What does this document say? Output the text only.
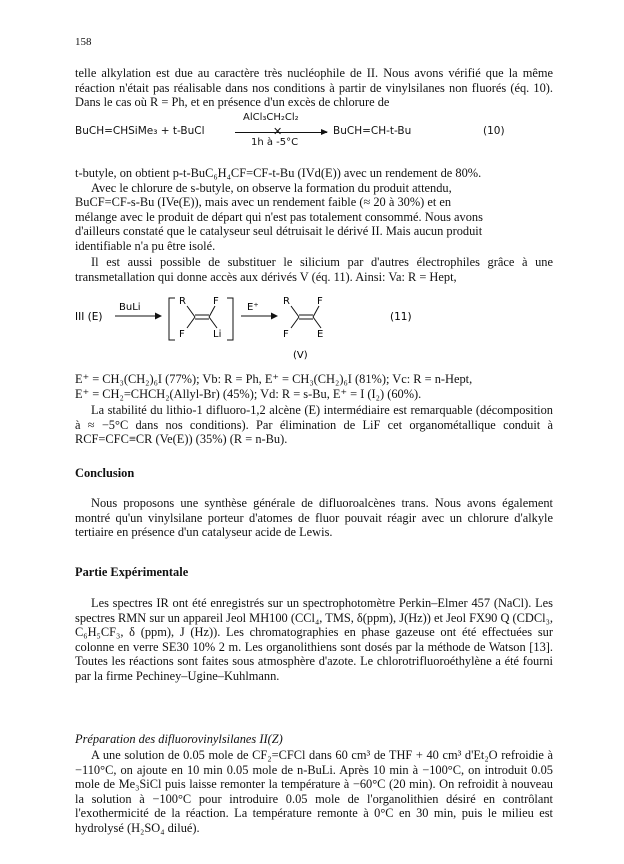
158

telle alkylation est due au caractère très nucléophile de II. Nous avons vérifié que la même réaction n'était pas réalisable dans nos conditions à partir de vinylsilanes non fluorés (éq. 10). Dans le cas où R = Ph, et en présence d'un excès de chlorure de

BuCH=CHSiMe₃ + t-BuCl
AlCl₃CH₂Cl₂
✕
1h à -5°C
BuCH=CH-t-Bu	(10)

t-butyle, on obtient p-t-BuC₆H₄CF=CF-t-Bu (IVd(E)) avec un rendement de 80%.

Avec le chlorure de s-butyle, on observe la formation du produit attendu,

BuCF=CF-s-Bu (IVe(E)), mais avec un rendement faible (≈ 20 à 30%) et en

mélange avec le produit de départ qui n'est pas totalement consommé. Nous avons

d'ailleurs constaté que le catalyseur seul détruisait le dérivé II. Mais aucun produit

identifiable n'a pu être isolé.

Il est aussi possible de substituer le silicium par d'autres électrophiles grâce à une transmetallation qui donne accès aux dérivés V (éq. 11). Ainsi: Va: R = Hept,

III (E)
BuLi
R	F
F	Li
E⁺
R	F
F	E
(V)
(11)

E⁺ = CH₃(CH₂)₆I (77%); Vb: R = Ph, E⁺ = CH₃(CH₂)₆I (81%); Vc: R = n-Hept,

E⁺ = CH₂=CHCH₂(Allyl-Br) (45%); Vd: R = s-Bu, E⁺ = I (I₂) (60%).

La stabilité du lithio-1 difluoro-1,2 alcène (E) intermédiaire est remarquable (décomposition à ≈ −5°C dans nos conditions). Par élimination de LiF cet organométallique conduit à RCF=CFC≡CR (Ve(E)) (35%) (R = n-Bu).

Conclusion

Nous proposons une synthèse générale de difluoroalcènes trans. Nous avons également montré qu'un vinylsilane porteur d'atomes de fluor pouvait réagir avec un chlorure d'alkyle tertiaire en présence d'un catalyseur acide de Lewis.

Partie Expérimentale

Les spectres IR ont été enregistrés sur un spectrophotomètre Perkin–Elmer 457 (NaCl). Les spectres RMN sur un appareil Jeol MH100 (CCl₄, TMS, δ(ppm), J(Hz)) et Jeol FX90 Q (CDCl₃, C₆H₅CF₃, δ (ppm), J (Hz)). Les chromatographies en phase gazeuse ont été effectuées sur colonne en verre SE30 10% 2 m. Les organolithiens sont dosés par la méthode de Watson [13]. Toutes les réactions sont faites sous atmosphère d'azote. Le chlorotrifluoroéthylène a été fourni par la firme Pechiney–Ugine–Kuhlmann.

Préparation des difluorovinylsilanes II(Z)

A une solution de 0.05 mole de CF₂=CFCl dans 60 cm³ de THF + 40 cm³ d'Et₂O refroidie à −110°C, on ajoute en 10 min 0.05 mole de n-BuLi. Après 10 min à −100°C, on introduit 0.05 mole de Me₃SiCl puis laisse remonter la température à −60°C (20 min). On refroidit à nouveau la solution à −100°C pour introduire 0.05 mole de l'organolithien désiré en contrôlant l'exothermicité de la réaction. La température remonte à 0°C en 30 min, puis le milieu est hydrolysé (H₂SO₄ dilué).
